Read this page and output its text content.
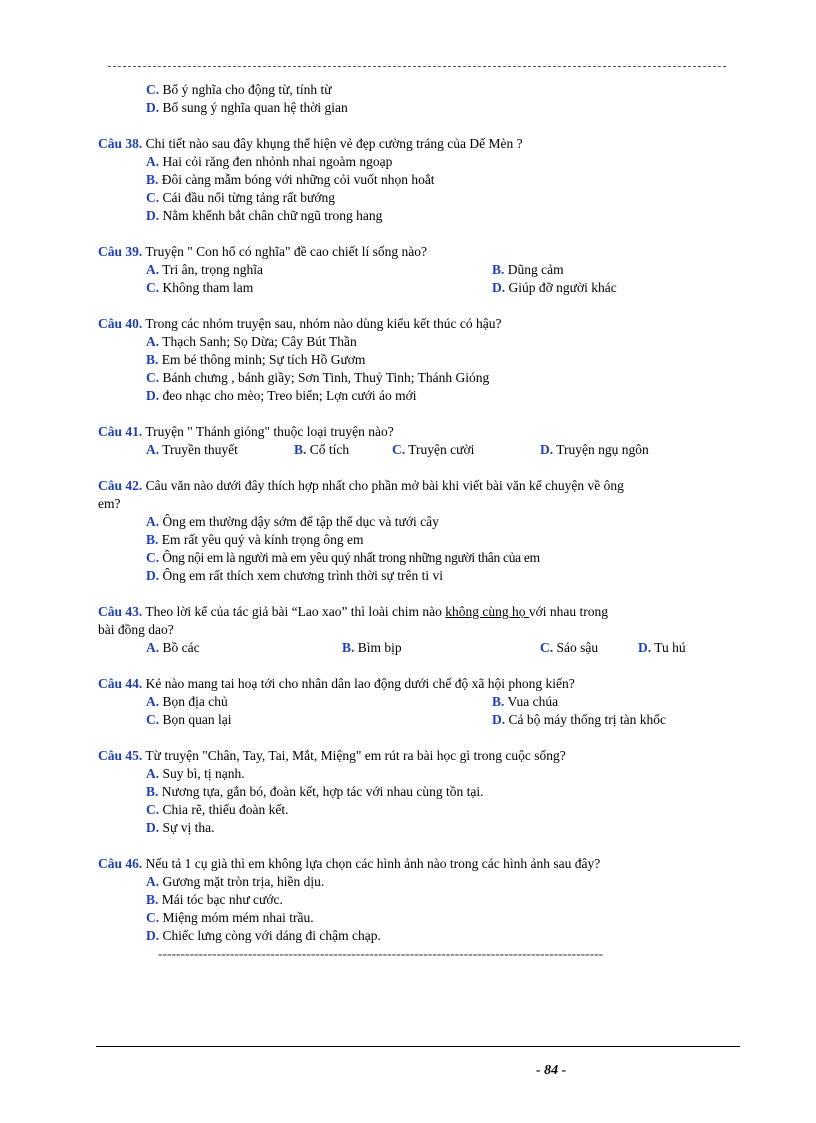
C. Bổ ý nghĩa cho động từ, tính từ
D. Bổ sung ý nghĩa quan hệ thời gian
Câu 38. Chi tiết nào sau đây khụng thể hiện vẻ đẹp cường tráng của Dế Mèn ?
A. Hai cỏi răng đen nhỏnh nhai ngoàm ngoạp
B. Đôi càng mẫm bóng với những cỏi vuốt nhọn hoắt
C. Cái đầu nổi từng tảng rất bướng
D. Nằm khểnh bắt chân chữ ngũ trong hang
Câu 39. Truyện " Con hổ có nghĩa" đề cao chiết lí sống nào?
A. Tri ân, trọng nghĩa	B. Dũng cảm
C. Không tham lam	D. Giúp đỡ người khác
Câu 40. Trong các nhóm truyện sau, nhóm nào dùng kiểu kết thúc có hậu?
A. Thạch Sanh; Sọ Dừa; Cây Bút Thần
B. Em bé thông minh; Sự tích Hồ Gươm
C. Bánh chưng , bánh giầy; Sơn Tinh, Thuỷ Tinh; Thánh Gióng
D. đeo nhạc cho mèo; Treo biển; Lợn cưới áo mới
Câu 41. Truyện " Thánh gióng" thuộc loại truyện nào?
A. Truyền thuyết	B. Cổ tích	C. Truyện cười	D. Truyện ngụ ngôn
Câu 42. Câu văn nào dưới đây thích hợp nhất cho phần mở bài khi viết bài văn kể chuyện về ông
em?
A. Ông em thường dậy sớm để tập thể dục và tưới cây
B. Em rất yêu quý và kính trọng ông em
C. Ông nội em là người mà em yêu quý nhất trong những người thân của em
D. Ông em rất thích xem chương trình thời sự trên ti vi
Câu 43. Theo lời kể của tác giả bài “Lao xao” thì loài chim nào không cùng họ với nhau trong
bài đồng dao?
A. Bồ các	B. Bìm bịp	C. Sáo sậu	D. Tu hú
Câu 44. Kẻ nào mang tai hoạ tới cho nhân dân lao động dưới chế độ xã hội phong kiến?
A. Bọn địa chủ	B. Vua chúa
C. Bọn quan lại	D. Cả bộ máy thống trị tàn khốc
Câu 45. Từ truyện "Chân, Tay, Tai, Mắt, Miệng" em rút ra bài học gì trong cuộc sống?
A. Suy bì, tị nạnh.
B. Nương tựa, gắn bó, đoàn kết, hợp tác với nhau cùng tồn tại.
C. Chia rẽ, thiếu đoàn kết.
D. Sự vị tha.
Câu 46. Nếu tả 1 cụ già thì em không lựa chọn các hình ảnh nào trong các hình ảnh sau đây?
A. Gương mặt tròn trịa, hiền dịu.
B. Mái tóc bạc như cước.
C. Miệng móm mém nhai trầu.
D. Chiếc lưng còng với dáng đi chậm chạp.
---------------------------------------------------------------------------------------------------
- 84 -
